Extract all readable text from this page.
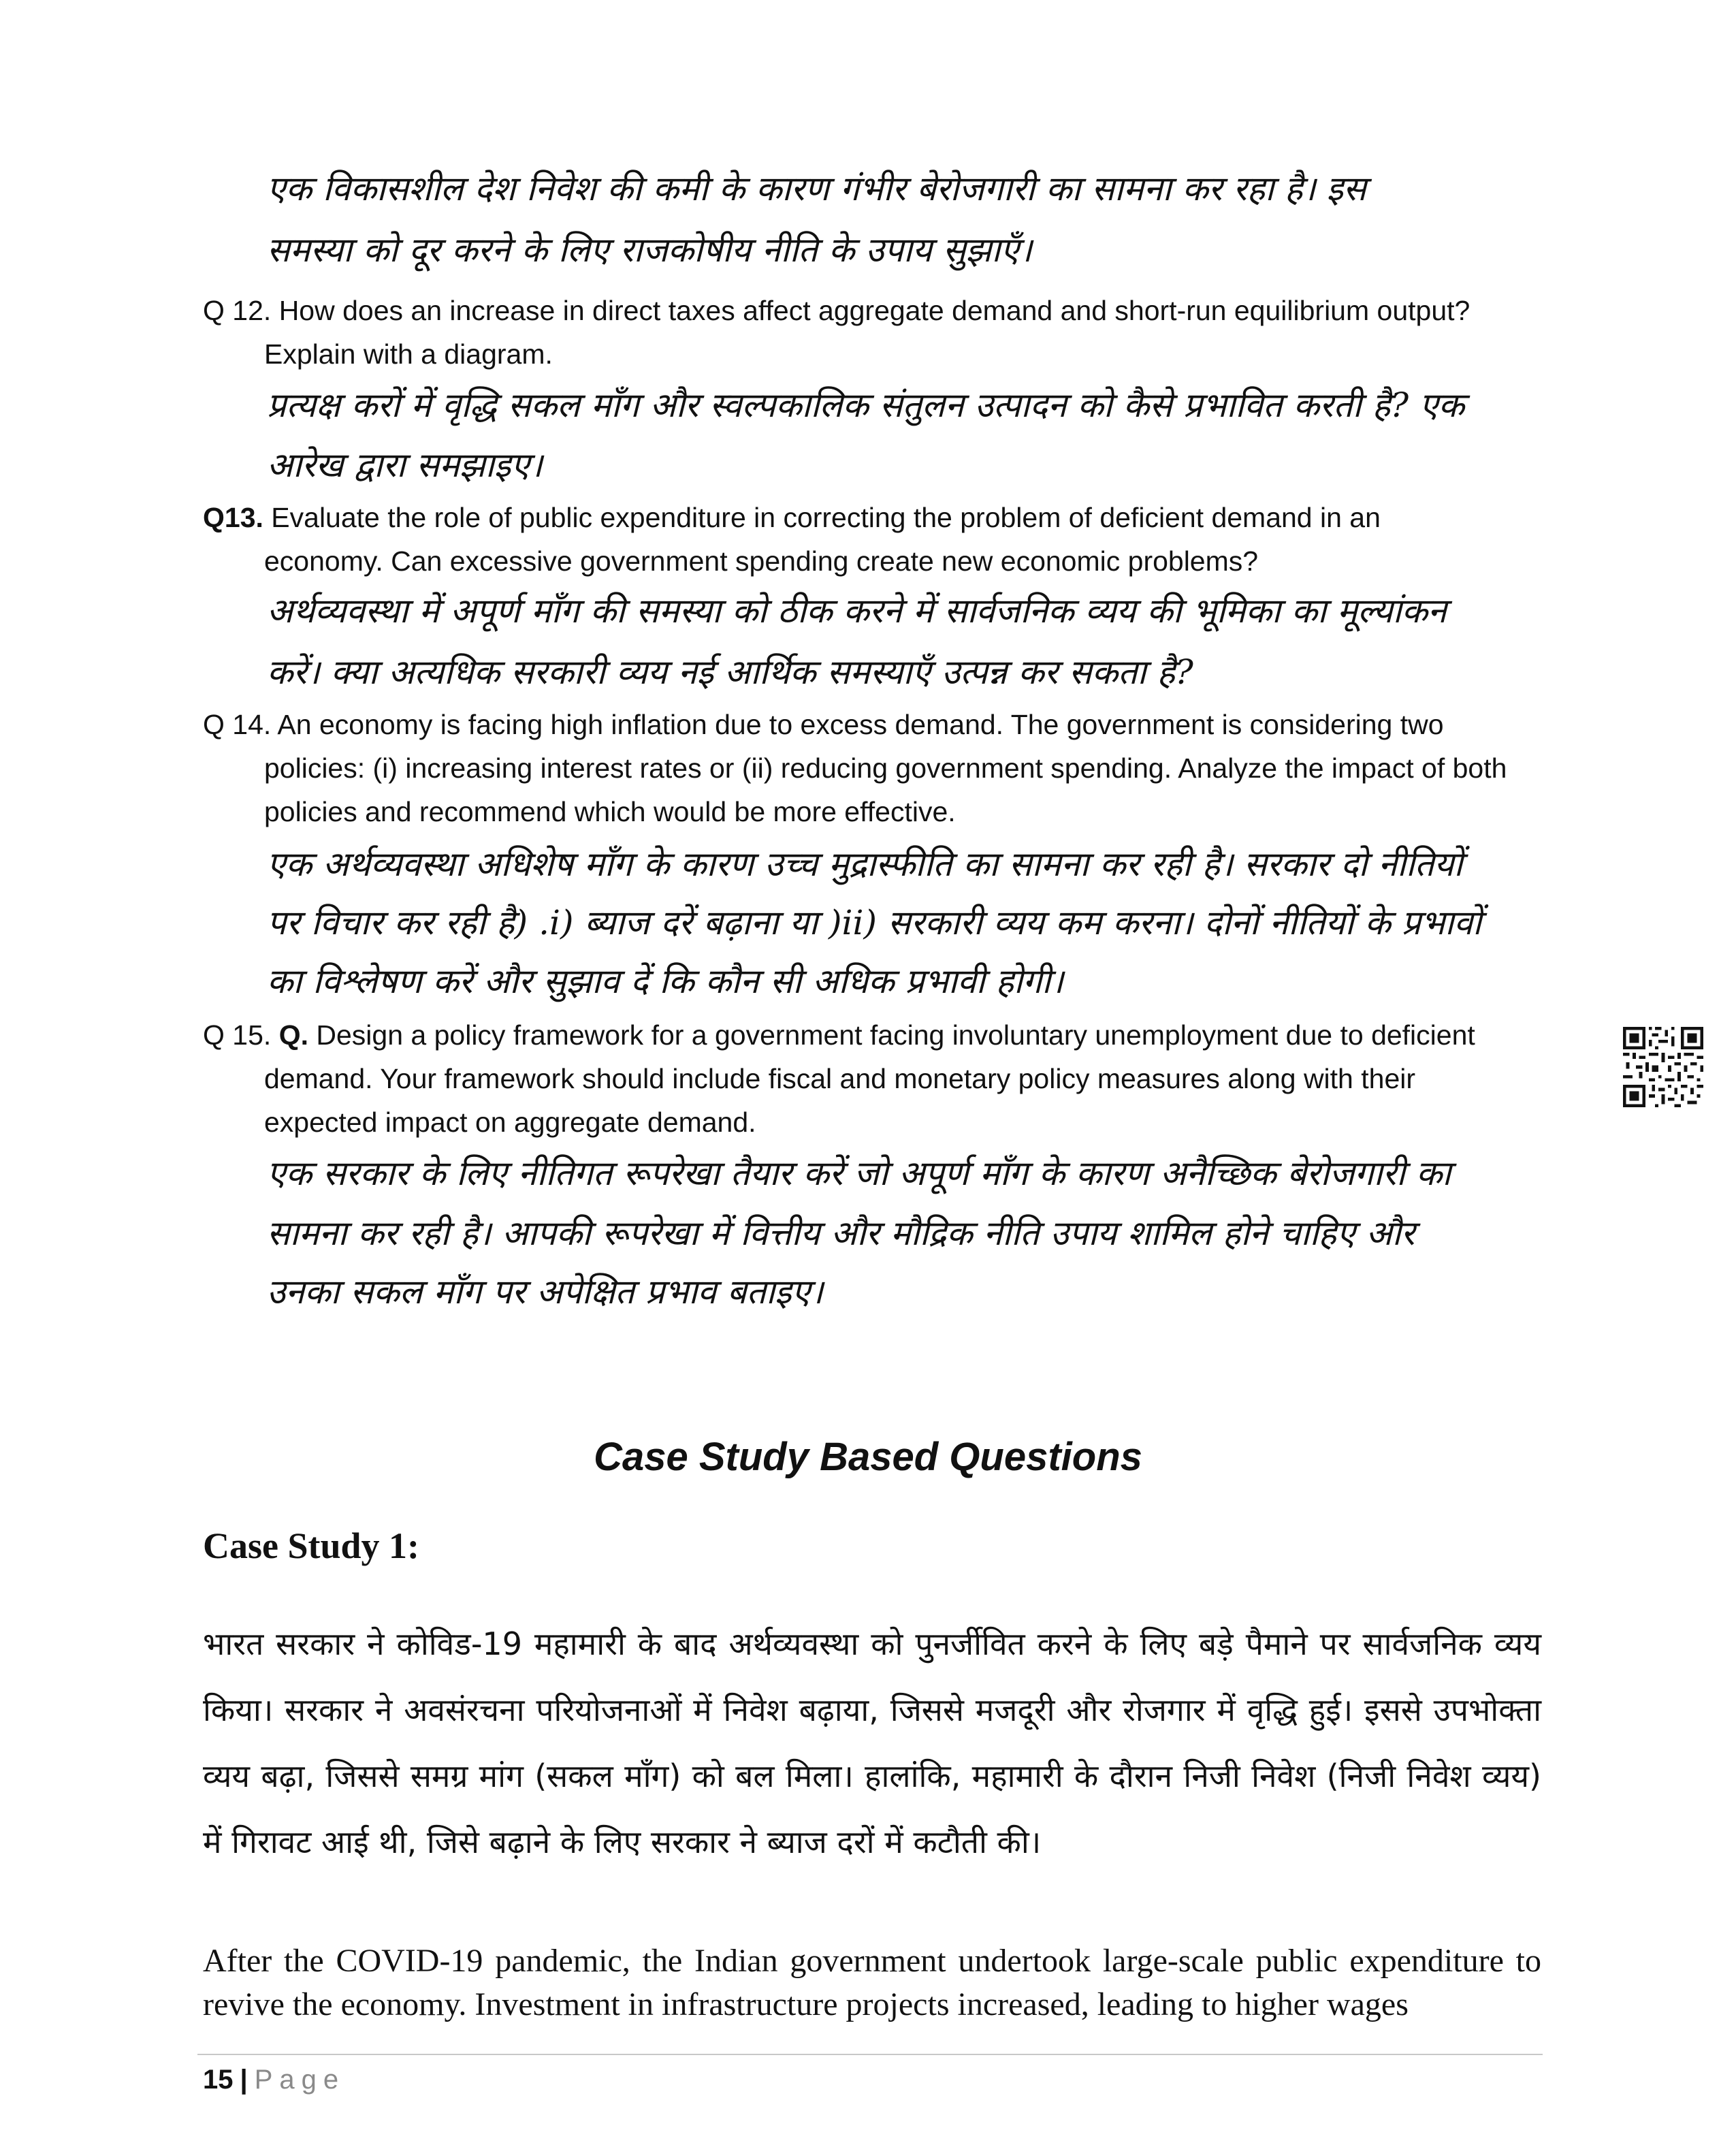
एक विकासशील देश निवेश की कमी के कारण गंभीर बेरोजगारी का सामना कर रहा है। इस
समस्या को दूर करने के लिए राजकोषीय नीति के उपाय सुझाएँ।
Q 12. How does an increase in direct taxes affect aggregate demand and short-run equilibrium output?
Explain with a diagram.
प्रत्यक्ष करों में वृद्धि सकल माँग और स्वल्पकालिक संतुलन उत्पादन को कैसे प्रभावित करती है? एक
आरेख द्वारा समझाइए।
Q13. Evaluate the role of public expenditure in correcting the problem of deficient demand in an
economy. Can excessive government spending create new economic problems?
अर्थव्यवस्था में अपूर्ण माँग की समस्या को ठीक करने में सार्वजनिक व्यय की भूमिका का मूल्यांकन
करें। क्या अत्यधिक सरकारी व्यय नई आर्थिक समस्याएँ उत्पन्न कर सकता है?
Q 14. An economy is facing high inflation due to excess demand. The government is considering two
policies: (i) increasing interest rates or (ii) reducing government spending. Analyze the impact of both
policies and recommend which would be more effective.
एक अर्थव्यवस्था अधिशेष माँग के कारण उच्च मुद्रास्फीति का सामना कर रही है। सरकार दो नीतियों
पर विचार कर रही है) .i) ब्याज दरें बढ़ाना या )ii) सरकारी व्यय कम करना। दोनों नीतियों के प्रभावों
का विश्लेषण करें और सुझाव दें कि कौन सी अधिक प्रभावी होगी।
Q 15. Q. Design a policy framework for a government facing involuntary unemployment due to deficient
demand. Your framework should include fiscal and monetary policy measures along with their
expected impact on aggregate demand.
एक सरकार के लिए नीतिगत रूपरेखा तैयार करें जो अपूर्ण माँग के कारण अनैच्छिक बेरोजगारी का
सामना कर रही है। आपकी रूपरेखा में वित्तीय और मौद्रिक नीति उपाय शामिल होने चाहिए और
उनका सकल माँग पर अपेक्षित प्रभाव बताइए।
Case Study Based Questions
Case Study 1:
भारत सरकार ने कोविड-19 महामारी के बाद अर्थव्यवस्था को पुनर्जीवित करने के लिए बड़े पैमाने पर सार्वजनिक व्यय किया। सरकार ने अवसंरचना परियोजनाओं में निवेश बढ़ाया, जिससे मजदूरी और रोजगार में वृद्धि हुई। इससे उपभोक्ता व्यय बढ़ा, जिससे समग्र मांग (सकल माँग) को बल मिला। हालांकि, महामारी के दौरान निजी निवेश (निजी निवेश व्यय) में गिरावट आई थी, जिसे बढ़ाने के लिए सरकार ने ब्याज दरों में कटौती की।
After the COVID-19 pandemic, the Indian government undertook large-scale public expenditure to revive the economy. Investment in infrastructure projects increased, leading to higher wages
15 | Page
